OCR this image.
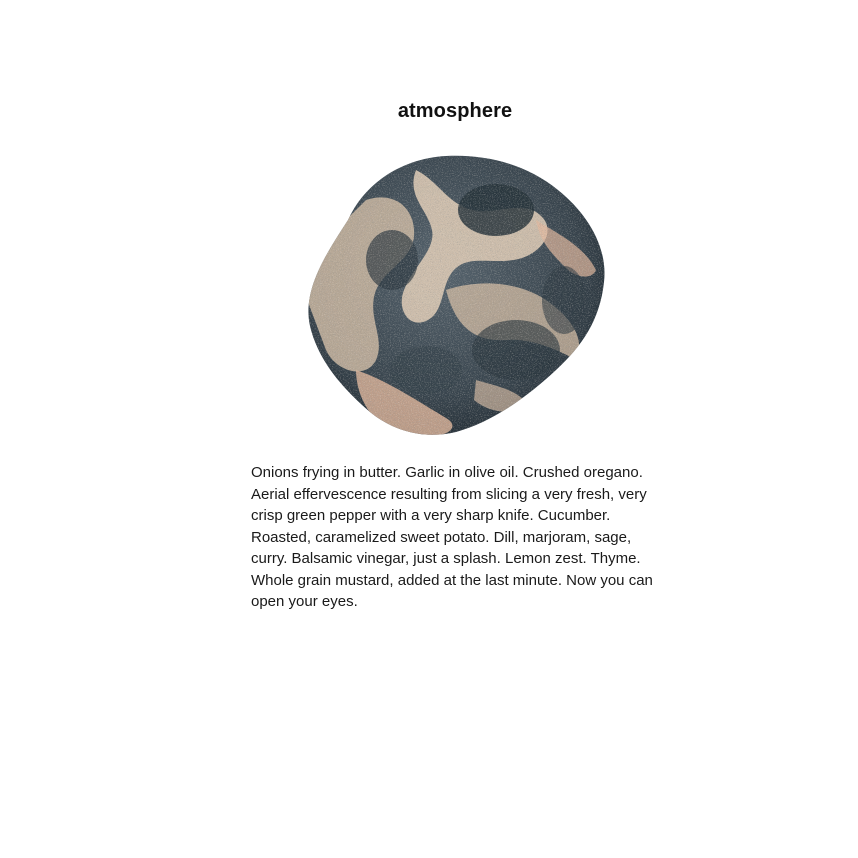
atmosphere
Onions frying in butter. Garlic in olive oil. Crushed oregano. Aerial effervescence resulting from slicing a very fresh, very crisp green pepper with a very sharp knife. Cucumber. Roasted, caramelized sweet potato. Dill, marjoram, sage, curry. Balsamic vinegar, just a splash. Lemon zest. Thyme. Whole grain mustard, added at the last minute. Now you can open your eyes.
